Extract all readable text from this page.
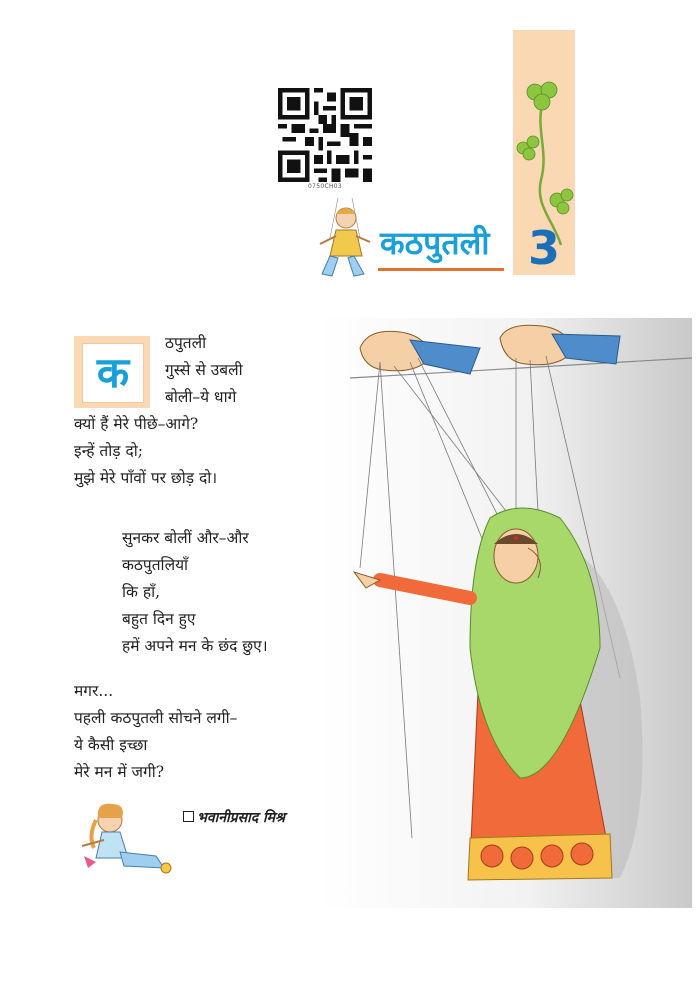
3
0750CH03
कठपुतली
क
ठपुतली
गुस्से से उबली
बोली–ये धागे
क्यों हैं मेरे पीछे–आगे?
इन्हें तोड़ दो;
मुझे मेरे पाँवों पर छोड़ दो।
सुनकर बोलीं और–और
कठपुतलियाँ
कि हाँ,
बहुत दिन हुए
हमें अपने मन के छंद छुए।
मगर...
पहली कठपुतली सोचने लगी–
ये कैसी इच्छा
मेरे मन में जगी?
भवानीप्रसाद मिश्र
